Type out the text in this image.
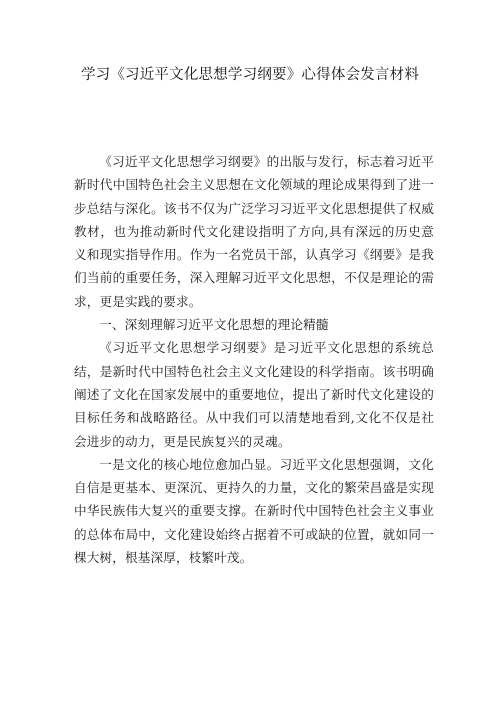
学习《习近平文化思想学习纲要》心得体会发言材料

《习近平文化思想学习纲要》的出版与发行，标志着习近平新时代中国特色社会主义思想在文化领域的理论成果得到了进一步总结与深化。该书不仅为广泛学习习近平文化思想提供了权威教材，也为推动新时代文化建设指明了方向,具有深远的历史意义和现实指导作用。作为一名党员干部，认真学习《纲要》是我们当前的重要任务，深入理解习近平文化思想，不仅是理论的需求，更是实践的要求。

一、深刻理解习近平文化思想的理论精髓

《习近平文化思想学习纲要》是习近平文化思想的系统总结，是新时代中国特色社会主义文化建设的科学指南。该书明确阐述了文化在国家发展中的重要地位，提出了新时代文化建设的目标任务和战略路径。从中我们可以清楚地看到,文化不仅是社会进步的动力，更是民族复兴的灵魂。

一是文化的核心地位愈加凸显。习近平文化思想强调，文化自信是更基本、更深沉、更持久的力量，文化的繁荣昌盛是实现中华民族伟大复兴的重要支撑。在新时代中国特色社会主义事业的总体布局中，文化建设始终占据着不可或缺的位置，就如同一棵大树，根基深厚，枝繁叶茂。
